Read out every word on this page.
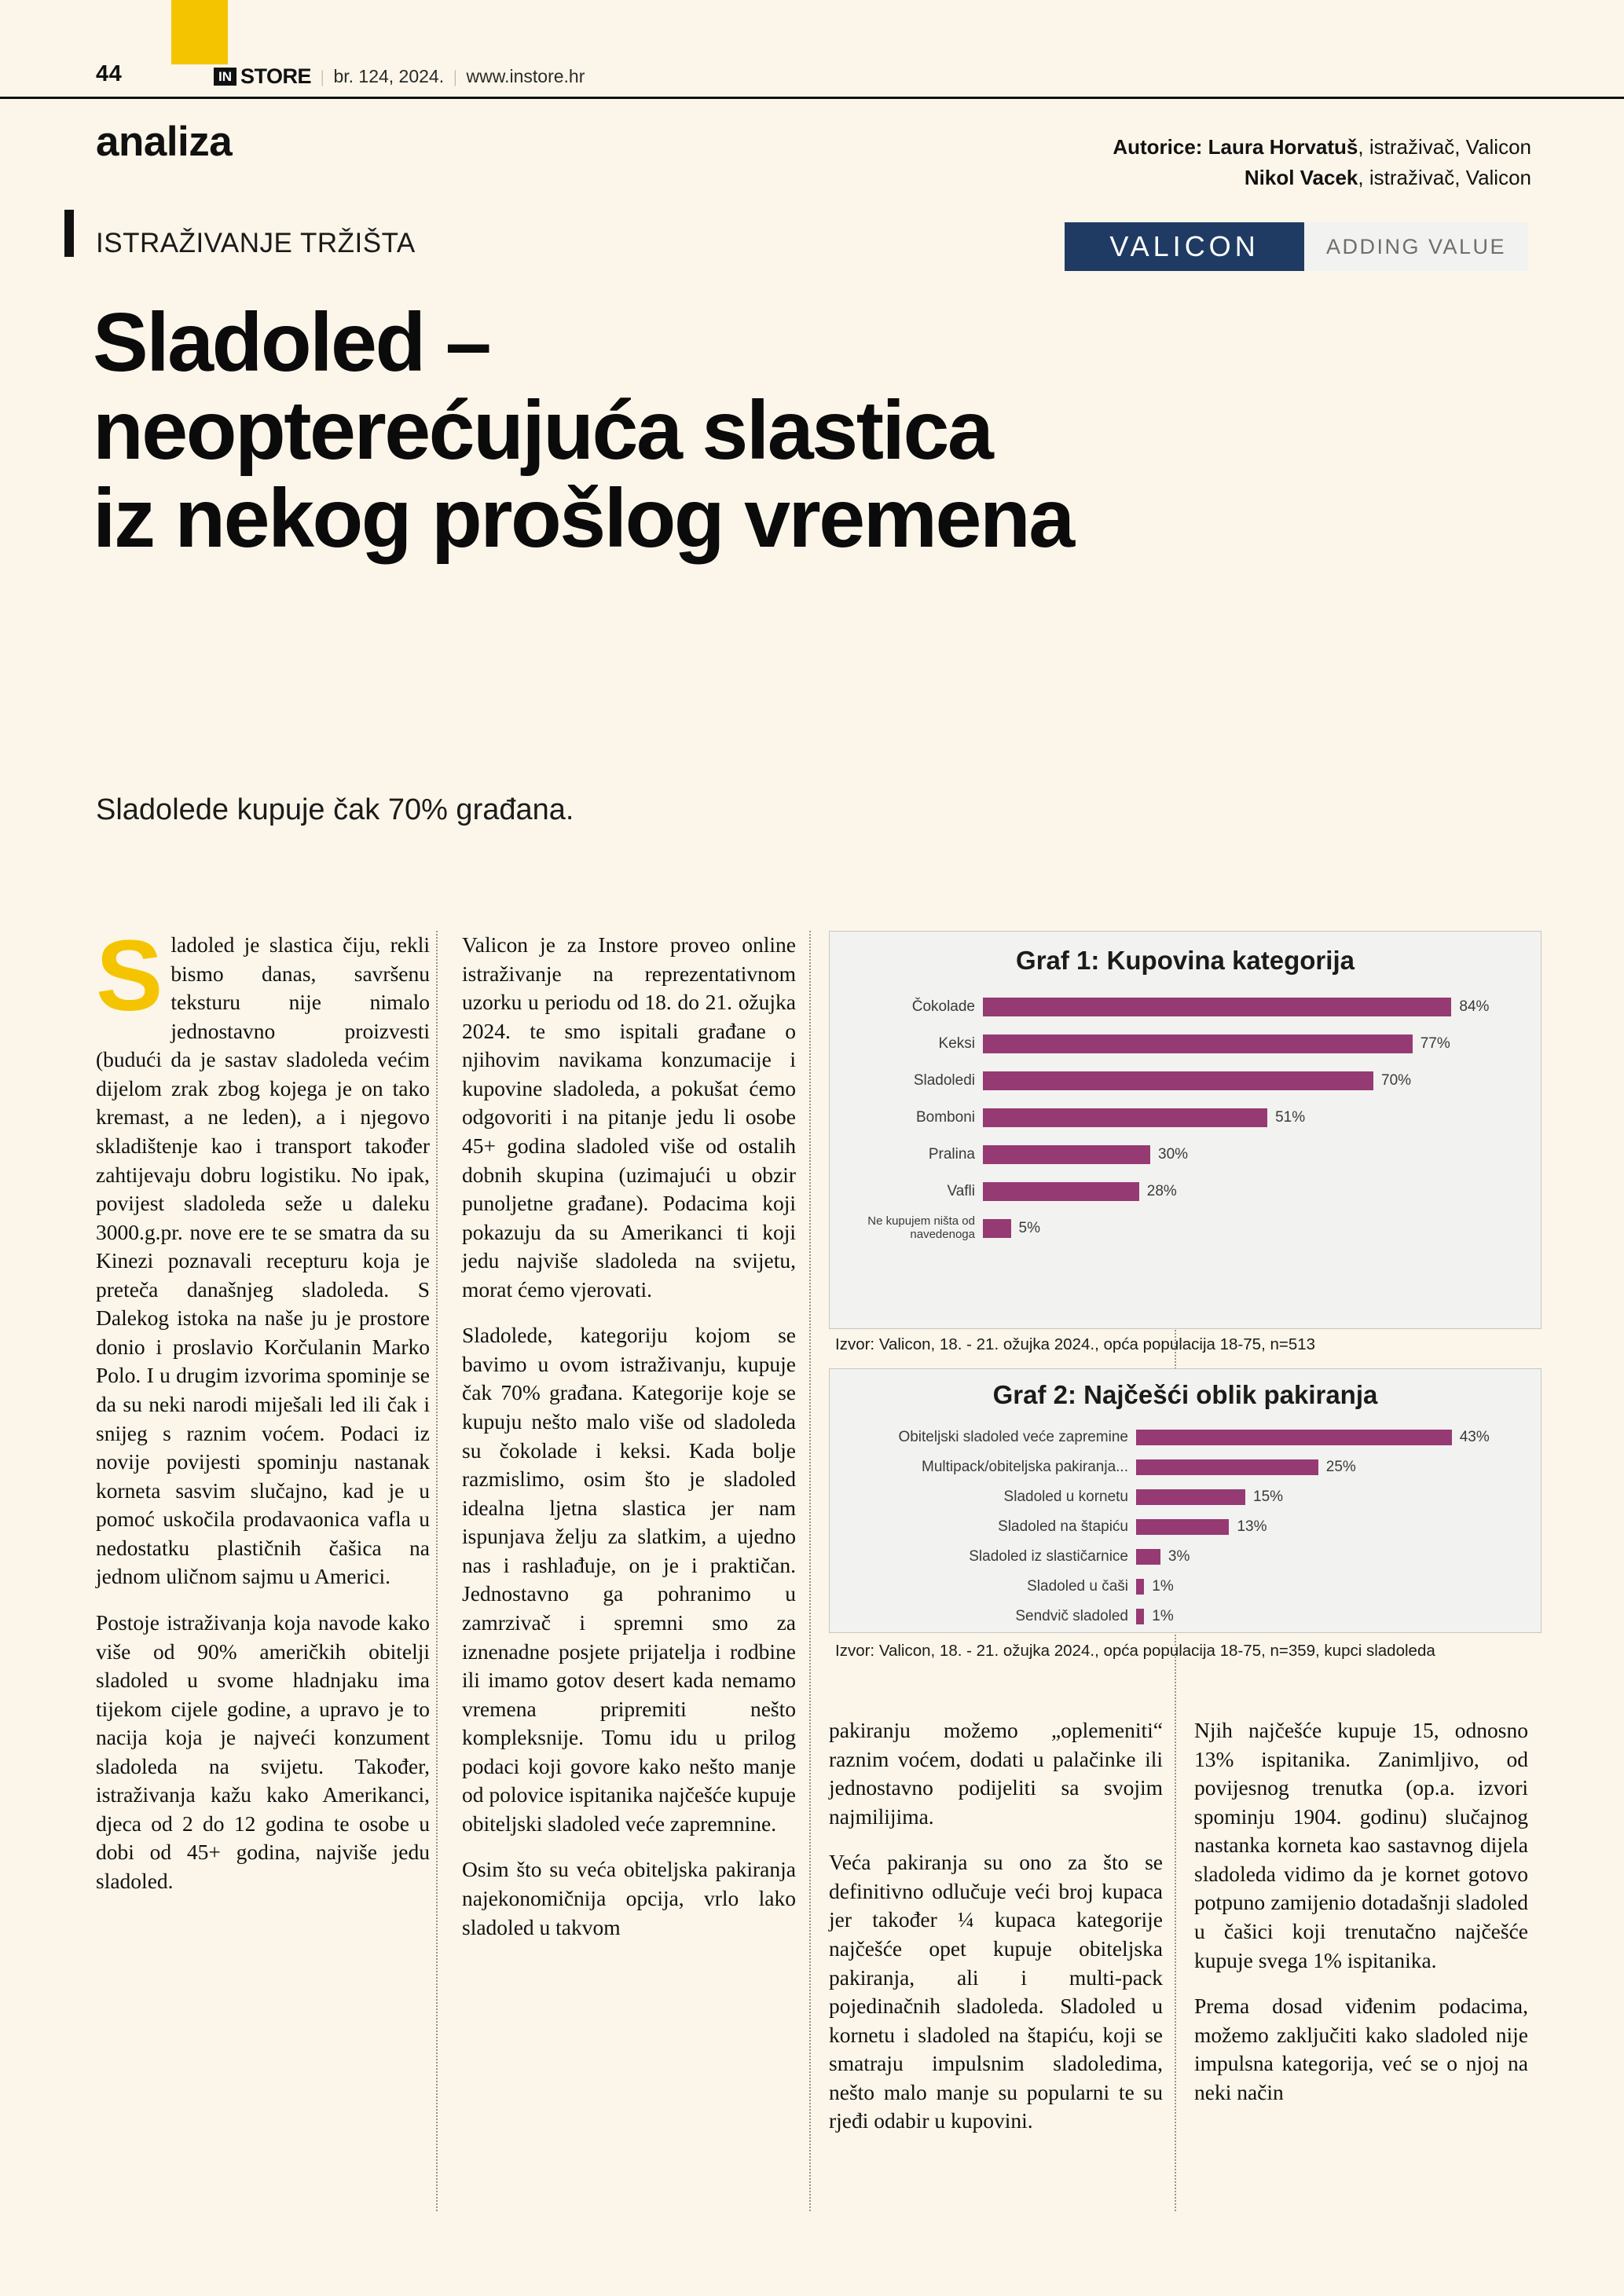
44	IN STORE | br. 124, 2024. | www.instore.hr
analiza	Autorice: Laura Horvatuš, istraživač, Valicon
Nikol Vacek, istraživač, Valicon
ISTRAŽIVANJE TRŽIŠTA	VALICON	ADDING VALUE
Sladoled –
neopterećujuća slastica
iz nekog prošlog vremena
Sladolede kupuje čak 70% građana.

Sladoled je slastica čiju, rekli bismo danas, savršenu teksturu nije nimalo jednostavno proizvesti (budući da je sastav sladoleda većim dijelom zrak zbog kojega je on tako kremast, a ne leden), a i njegovo skladištenje kao i transport također zahtijevaju dobru logistiku. No ipak, povijest sladoleda seže u daleku 3000.g.pr. nove ere te se smatra da su Kinezi poznavali recepturu koja je preteča današnjeg sladoleda. S Dalekog istoka na naše ju je prostore donio i proslavio Korčulanin Marko Polo. I u drugim izvorima spominje se da su neki narodi miješali led ili čak i snijeg s raznim voćem. Podaci iz novije povijesti spominju nastanak korneta sasvim slučajno, kad je u pomoć uskočila prodavaonica vafla u nedostatku plastičnih čašica na jednom uličnom sajmu u Americi.

Postoje istraživanja koja navode kako više od 90% američkih obitelji sladoled u svome hladnjaku ima tijekom cijele godine, a upravo je to nacija koja je najveći konzument sladoleda na svijetu. Također, istraživanja kažu kako Amerikanci, djeca od 2 do 12 godina te osobe u dobi od 45+ godina, najviše jedu sladoled.

Valicon je za Instore proveo online istraživanje na reprezentativnom uzorku u periodu od 18. do 21. ožujka 2024. te smo ispitali građane o njihovim navikama konzumacije i kupovine sladoleda, a pokušat ćemo odgovoriti i na pitanje jedu li osobe 45+ godina sladoled više od ostalih dobnih skupina (uzimajući u obzir punoljetne građane). Podacima koji pokazuju da su Amerikanci ti koji jedu najviše sladoleda na svijetu, morat ćemo vjerovati.

Sladolede, kategoriju kojom se bavimo u ovom istraživanju, kupuje čak 70% građana. Kategorije koje se kupuju nešto malo više od sladoleda su čokolade i keksi. Kada bolje razmislimo, osim što je sladoled idealna ljetna slastica jer nam ispunjava želju za slatkim, a ujedno nas i rashlađuje, on je i praktičan. Jednostavno ga pohranimo u zamrzivač i spremni smo za iznenadne posjete prijatelja i rodbine ili imamo gotov desert kada nemamo vremena pripremiti nešto kompleksnije. Tomu idu u prilog podaci koji govore kako nešto manje od polovice ispitanika najčešće kupuje obiteljski sladoled veće zapremnine.

Osim što su veća obiteljska pakiranja najekonomičnija opcija, vrlo lako sladoled u takvom

Graf 1: Kupovina kategorija
Čokolade	84%
Keksi	77%
Sladoledi	70%
Bomboni	51%
Pralina	30%
Vafli	28%
Ne kupujem ništa od navedenoga	5%
Izvor: Valicon, 18. - 21. ožujka 2024., opća populacija 18-75, n=513
Graf 2: Najčešći oblik pakiranja
Obiteljski sladoled veće zapremine	43%
Multipack/obiteljska pakiranja...	25%
Sladoled u kornetu	15%
Sladoled na štapiću	13%
Sladoled iz slastičarnice	3%
Sladoled u čaši	1%
Sendvič sladoled	1%
Izvor: Valicon, 18. - 21. ožujka 2024., opća populacija 18-75, n=359, kupci sladoleda

pakiranju možemo „oplemeniti“ raznim voćem, dodati u palačinke ili jednostavno podijeliti sa svojim najmilijima.

Veća pakiranja su ono za što se definitivno odlučuje veći broj kupaca jer također ¼ kupaca kategorije najčešće opet kupuje obiteljska pakiranja, ali i multi-pack pojedinačnih sladoleda. Sladoled u kornetu i sladoled na štapiću, koji se smatraju impulsnim sladoledima, nešto malo manje su popularni te su rjeđi odabir u kupovini.

Njih najčešće kupuje 15, odnosno 13% ispitanika. Zanimljivo, od povijesnog trenutka (op.a. izvori spominju 1904. godinu) slučajnog nastanka korneta kao sastavnog dijela sladoleda vidimo da je kornet gotovo potpuno zamijenio dotadašnji sladoled u čašici koji trenutačno najčešće kupuje svega 1% ispitanika.

Prema dosad viđenim podacima, možemo zaključiti kako sladoled nije impulsna kategorija, već se o njoj na neki način
